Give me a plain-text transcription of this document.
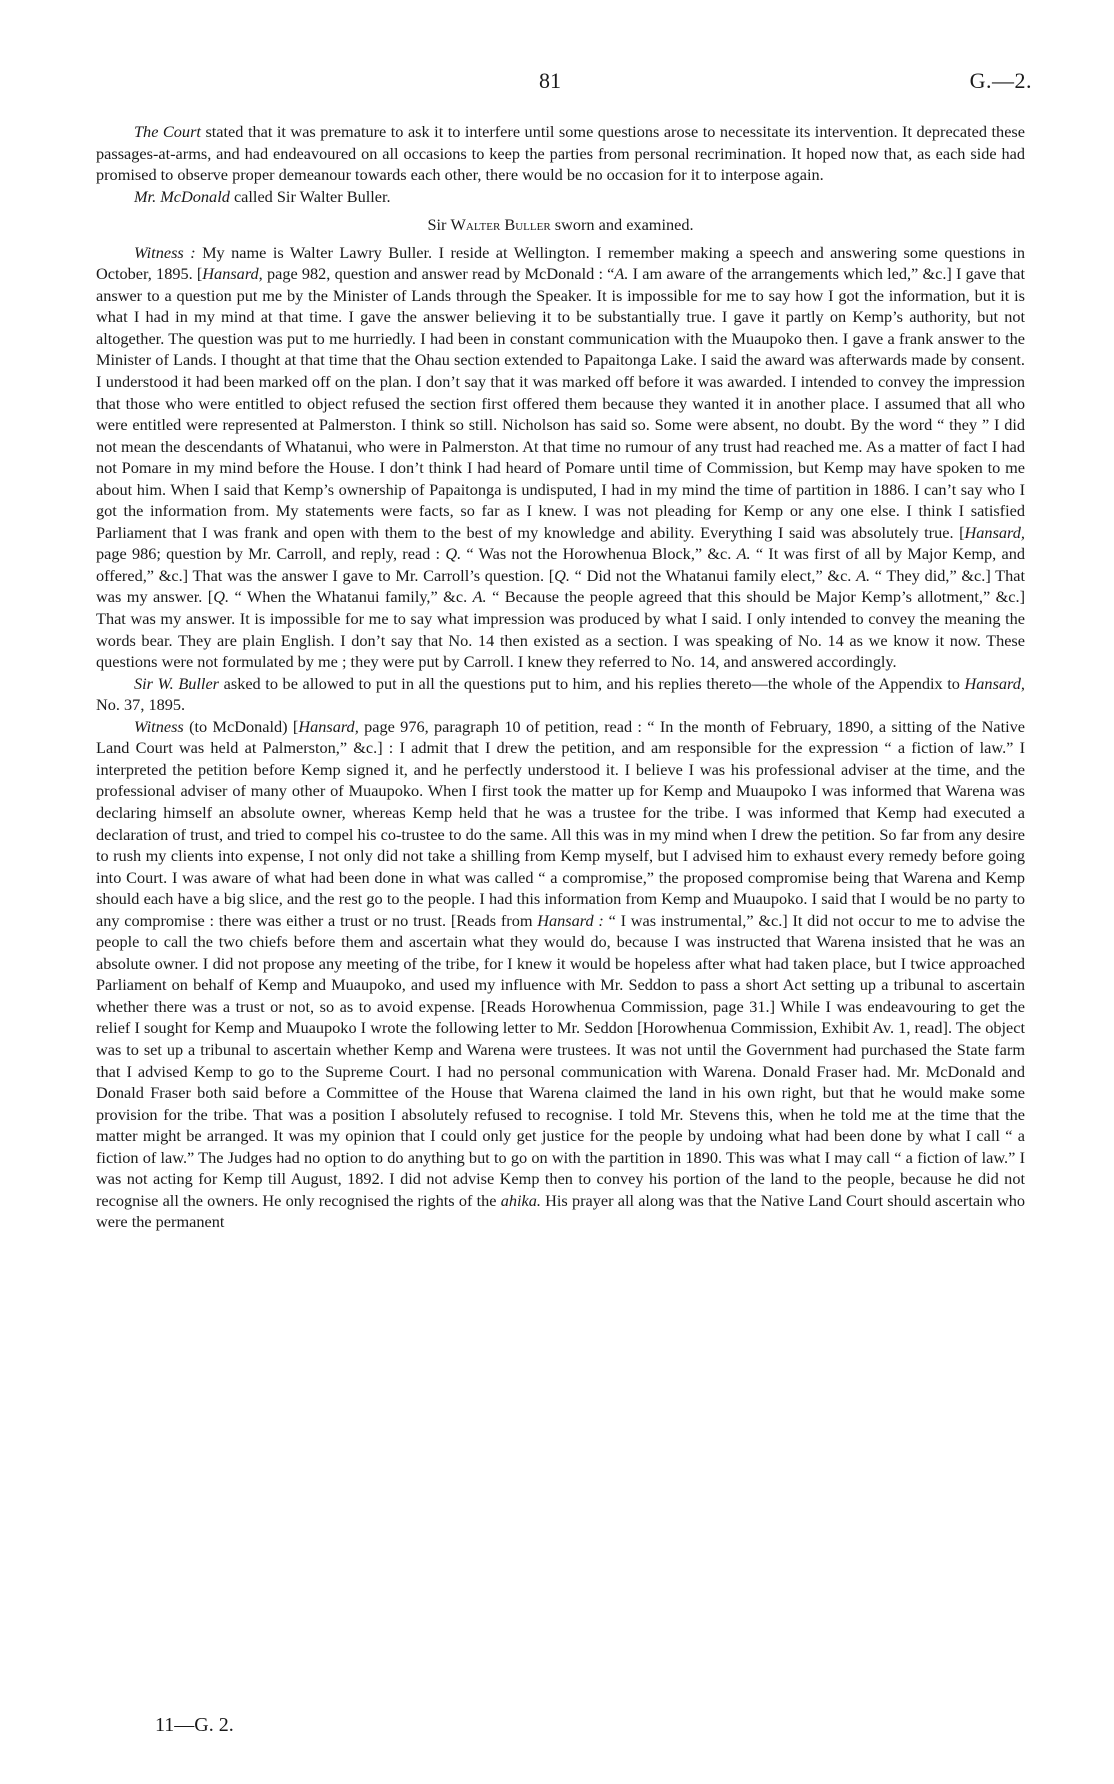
81	G.—2.

The Court stated that it was premature to ask it to interfere until some questions arose to necessitate its intervention. It deprecated these passages-at-arms, and had endeavoured on all occasions to keep the parties from personal recrimination. It hoped now that, as each side had promised to observe proper demeanour towards each other, there would be no occasion for it to interpose again.

Mr. McDonald called Sir Walter Buller.

Sir Walter Buller sworn and examined.

Witness : My name is Walter Lawry Buller. I reside at Wellington. I remember making a speech and answering some questions in October, 1895. [Hansard, page 982, question and answer read by McDonald : “A. I am aware of the arrangements which led,” &c.] I gave that answer to a question put me by the Minister of Lands through the Speaker. It is impossible for me to say how I got the information, but it is what I had in my mind at that time. I gave the answer believing it to be substantially true. I gave it partly on Kemp’s authority, but not altogether. The question was put to me hurriedly. I had been in constant communication with the Muaupoko then. I gave a frank answer to the Minister of Lands. I thought at that time that the Ohau section extended to Papaitonga Lake. I said the award was afterwards made by consent. I understood it had been marked off on the plan. I don’t say that it was marked off before it was awarded. I intended to convey the impression that those who were entitled to object refused the section first offered them because they wanted it in another place. I assumed that all who were entitled were represented at Palmerston. I think so still. Nicholson has said so. Some were absent, no doubt. By the word “ they ” I did not mean the descendants of Whatanui, who were in Palmerston. At that time no rumour of any trust had reached me. As a matter of fact I had not Pomare in my mind before the House. I don’t think I had heard of Pomare until time of Commission, but Kemp may have spoken to me about him. When I said that Kemp’s ownership of Papaitonga is undisputed, I had in my mind the time of partition in 1886. I can’t say who I got the information from. My statements were facts, so far as I knew. I was not pleading for Kemp or any one else. I think I satisfied Parliament that I was frank and open with them to the best of my knowledge and ability. Everything I said was absolutely true. [Hansard, page 986; question by Mr. Carroll, and reply, read : Q. “ Was not the Horowhenua Block,” &c. A. “ It was first of all by Major Kemp, and offered,” &c.] That was the answer I gave to Mr. Carroll’s question. [Q. “ Did not the Whatanui family elect,” &c. A. “ They did,” &c.] That was my answer. [Q. “ When the Whatanui family,” &c. A. “ Because the people agreed that this should be Major Kemp’s allotment,” &c.] That was my answer. It is impossible for me to say what impression was produced by what I said. I only intended to convey the meaning the words bear. They are plain English. I don’t say that No. 14 then existed as a section. I was speaking of No. 14 as we know it now. These questions were not formulated by me ; they were put by Carroll. I knew they referred to No. 14, and answered accordingly.

Sir W. Buller asked to be allowed to put in all the questions put to him, and his replies thereto—the whole of the Appendix to Hansard, No. 37, 1895.

Witness (to McDonald) [Hansard, page 976, paragraph 10 of petition, read : “ In the month of February, 1890, a sitting of the Native Land Court was held at Palmerston,” &c.] : I admit that I drew the petition, and am responsible for the expression “ a fiction of law.” I interpreted the petition before Kemp signed it, and he perfectly understood it. I believe I was his professional adviser at the time, and the professional adviser of many other of Muaupoko. When I first took the matter up for Kemp and Muaupoko I was informed that Warena was declaring himself an absolute owner, whereas Kemp held that he was a trustee for the tribe. I was informed that Kemp had executed a declaration of trust, and tried to compel his co-trustee to do the same. All this was in my mind when I drew the petition. So far from any desire to rush my clients into expense, I not only did not take a shilling from Kemp myself, but I advised him to exhaust every remedy before going into Court. I was aware of what had been done in what was called “ a compromise,” the proposed compromise being that Warena and Kemp should each have a big slice, and the rest go to the people. I had this information from Kemp and Muaupoko. I said that I would be no party to any compromise : there was either a trust or no trust. [Reads from Hansard : “ I was instrumental,” &c.] It did not occur to me to advise the people to call the two chiefs before them and ascertain what they would do, because I was instructed that Warena insisted that he was an absolute owner. I did not propose any meeting of the tribe, for I knew it would be hopeless after what had taken place, but I twice approached Parliament on behalf of Kemp and Muaupoko, and used my influence with Mr. Seddon to pass a short Act setting up a tribunal to ascertain whether there was a trust or not, so as to avoid expense. [Reads Horowhenua Commission, page 31.] While I was endeavouring to get the relief I sought for Kemp and Muaupoko I wrote the following letter to Mr. Seddon [Horowhenua Commission, Exhibit Av. 1, read]. The object was to set up a tribunal to ascertain whether Kemp and Warena were trustees. It was not until the Government had purchased the State farm that I advised Kemp to go to the Supreme Court. I had no personal communication with Warena. Donald Fraser had. Mr. McDonald and Donald Fraser both said before a Committee of the House that Warena claimed the land in his own right, but that he would make some provision for the tribe. That was a position I absolutely refused to recognise. I told Mr. Stevens this, when he told me at the time that the matter might be arranged. It was my opinion that I could only get justice for the people by undoing what had been done by what I call “ a fiction of law.” The Judges had no option to do anything but to go on with the partition in 1890. This was what I may call “ a fiction of law.” I was not acting for Kemp till August, 1892. I did not advise Kemp then to convey his portion of the land to the people, because he did not recognise all the owners. He only recognised the rights of the ahika. His prayer all along was that the Native Land Court should ascertain who were the permanent

11—G. 2.
